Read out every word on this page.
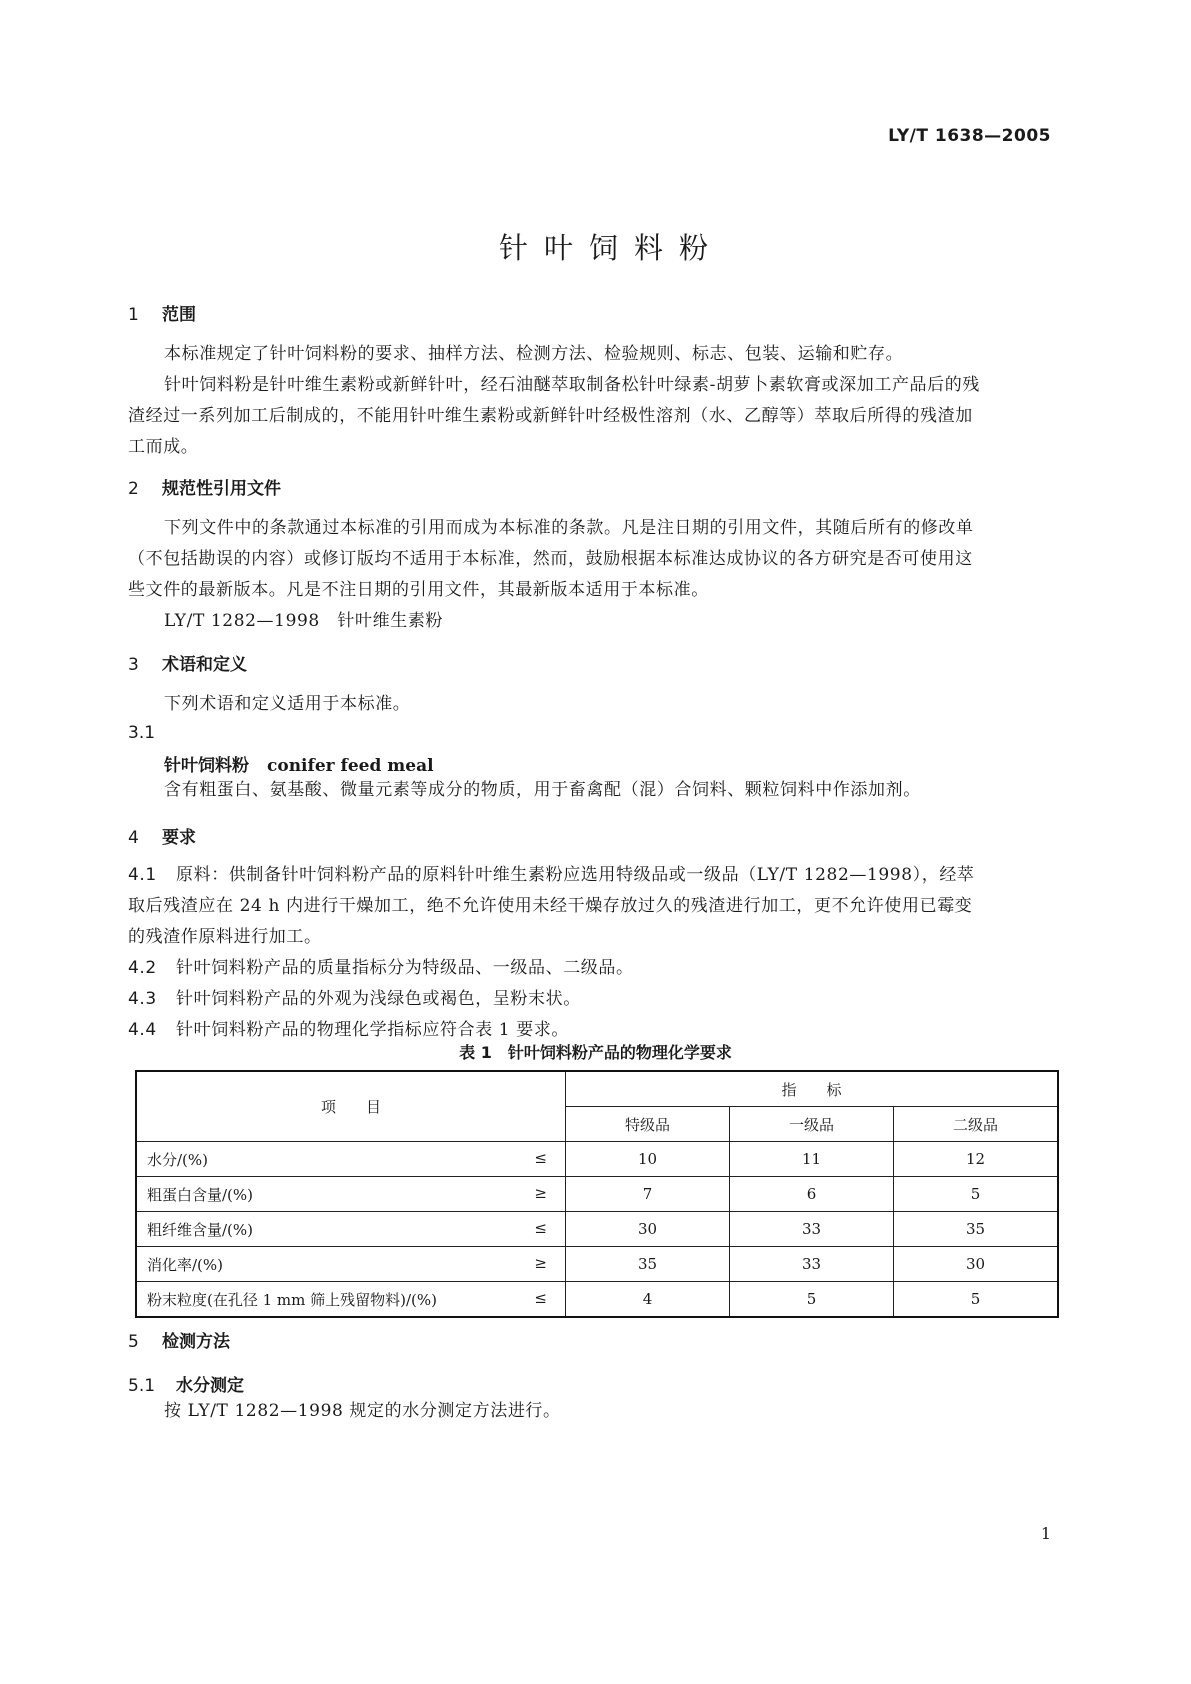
LY/T 1638—2005
针叶饲料粉
1 范围

本标准规定了针叶饲料粉的要求、抽样方法、检测方法、检验规则、标志、包装、运输和贮存。

针叶饲料粉是针叶维生素粉或新鲜针叶，经石油醚萃取制备松针叶绿素-胡萝卜素软膏或深加工产品后的残渣经过一系列加工后制成的，不能用针叶维生素粉或新鲜针叶经极性溶剂（水、乙醇等）萃取后所得的残渣加工而成。

2 规范性引用文件

下列文件中的条款通过本标准的引用而成为本标准的条款。凡是注日期的引用文件，其随后所有的修改单（不包括勘误的内容）或修订版均不适用于本标准，然而，鼓励根据本标准达成协议的各方研究是否可使用这些文件的最新版本。凡是不注日期的引用文件，其最新版本适用于本标准。

LY/T 1282—1998　针叶维生素粉

3 术语和定义

下列术语和定义适用于本标准。

3.1
针叶饲料粉 conifer feed meal

含有粗蛋白、氨基酸、微量元素等成分的物质，用于畜禽配（混）合饲料、颗粒饲料中作添加剂。

4 要求

4.1 原料：供制备针叶饲料粉产品的原料针叶维生素粉应选用特级品或一级品（LY/T 1282—1998），经萃取后残渣应在 24 h 内进行干燥加工，绝不允许使用未经干燥存放过久的残渣进行加工，更不允许使用已霉变的残渣作原料进行加工。

4.2 针叶饲料粉产品的质量指标分为特级品、一级品、二级品。
4.3 针叶饲料粉产品的外观为浅绿色或褐色，呈粉末状。
4.4 针叶饲料粉产品的物理化学指标应符合表 1 要求。
表 1　针叶饲料粉产品的物理化学要求
项　　目	指　　标		
	特级品	一级品	二级品
水分/(%) ≤	10	11	12
粗蛋白含量/(%) ≥	7	6	5
粗纤维含量/(%) ≤	30	33	35
消化率/(%) ≥	35	33	30
粉末粒度(在孔径 1 mm 筛上残留物料)/(%) ≤	4	5	5
5 检测方法
5.1 水分测定

按 LY/T 1282—1998 规定的水分测定方法进行。

1
